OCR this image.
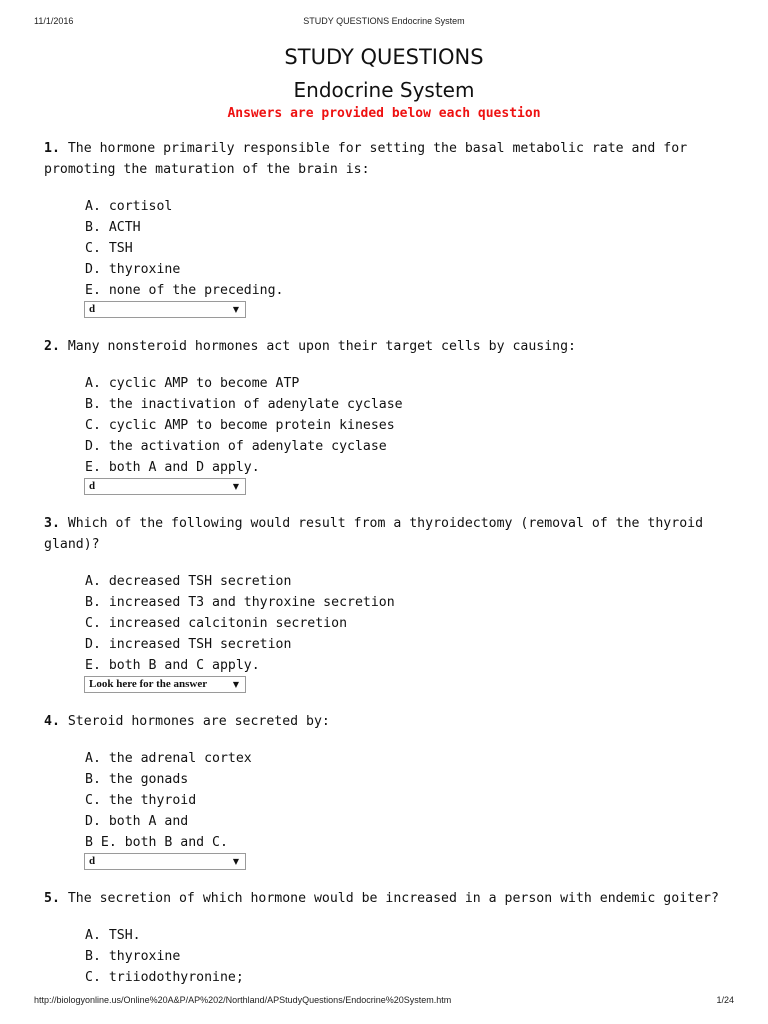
11/1/2016	STUDY QUESTIONS Endocrine System
STUDY QUESTIONS
Endocrine System
Answers are provided below each question

1. The hormone primarily responsible for setting the basal metabolic rate and for promoting the maturation of the brain is:

A. cortisol
B. ACTH
C. TSH
D. thyroxine
E. none of the preceding.
d	▼

2. Many nonsteroid hormones act upon their target cells by causing:

A. cyclic AMP to become ATP
B. the inactivation of adenylate cyclase
C. cyclic AMP to become protein kineses
D. the activation of adenylate cyclase
E. both A and D apply.
d	▼

3. Which of the following would result from a thyroidectomy (removal of the thyroid gland)?

A. decreased TSH secretion
B. increased T3 and thyroxine secretion
C. increased calcitonin secretion
D. increased TSH secretion
E. both B and C apply.
Look here for the answer	▼

4. Steroid hormones are secreted by:

A. the adrenal cortex
B. the gonads
C. the thyroid
D. both A and
B E. both B and C.
d	▼

5. The secretion of which hormone would be increased in a person with endemic goiter?

A. TSH.
B. thyroxine
C. triiodothyronine;
http://biologyonline.us/Online%20A&P/AP%202/Northland/APStudyQuestions/Endocrine%20System.htm	1/24
